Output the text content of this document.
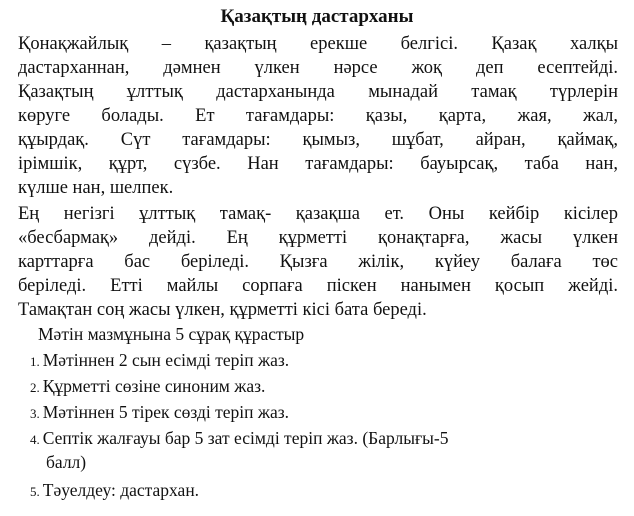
Қазақтың дастарханы
Қонақжайлық – қазақтың ерекше белгісі. Қазақ халқы
дастарханнан, дәмнен үлкен нәрсе жоқ деп есептейді.
Қазақтың ұлттық дастарханында мынадай тамақ түрлерін
көруге болады. Ет тағамдары: қазы, қарта, жая, жал,
құырдақ. Сүт тағамдары: қымыз, шұбат, айран, қаймақ,
ірімшік, құрт, сүзбе. Нан тағамдары: бауырсақ, таба нан,
күлше нан, шелпек.
Ең негізгі ұлттық тамақ- қазақша ет. Оны кейбір кісілер
«бесбармақ» дейді. Ең құрметті қонақтарға, жасы үлкен
карттарға бас беріледі. Қызға жілік, күйеу балаға төс
беріледі. Етті майлы сорпаға піскен нанымен қосып жейді.
Тамақтан соң жасы үлкен, құрметті кісі бата береді.
Мәтін мазмұнына 5 сұрақ құрастыр
1. Мәтіннен 2 сын есімді теріп жаз.
2. Құрметті сөзіне синоним жаз.
3. Мәтіннен 5 тірек сөзді теріп жаз.
4. Септік жалғауы бар 5 зат есімді теріп жаз. (Барлығы-5
балл)
5. Тәуелдеу: дастархан.
